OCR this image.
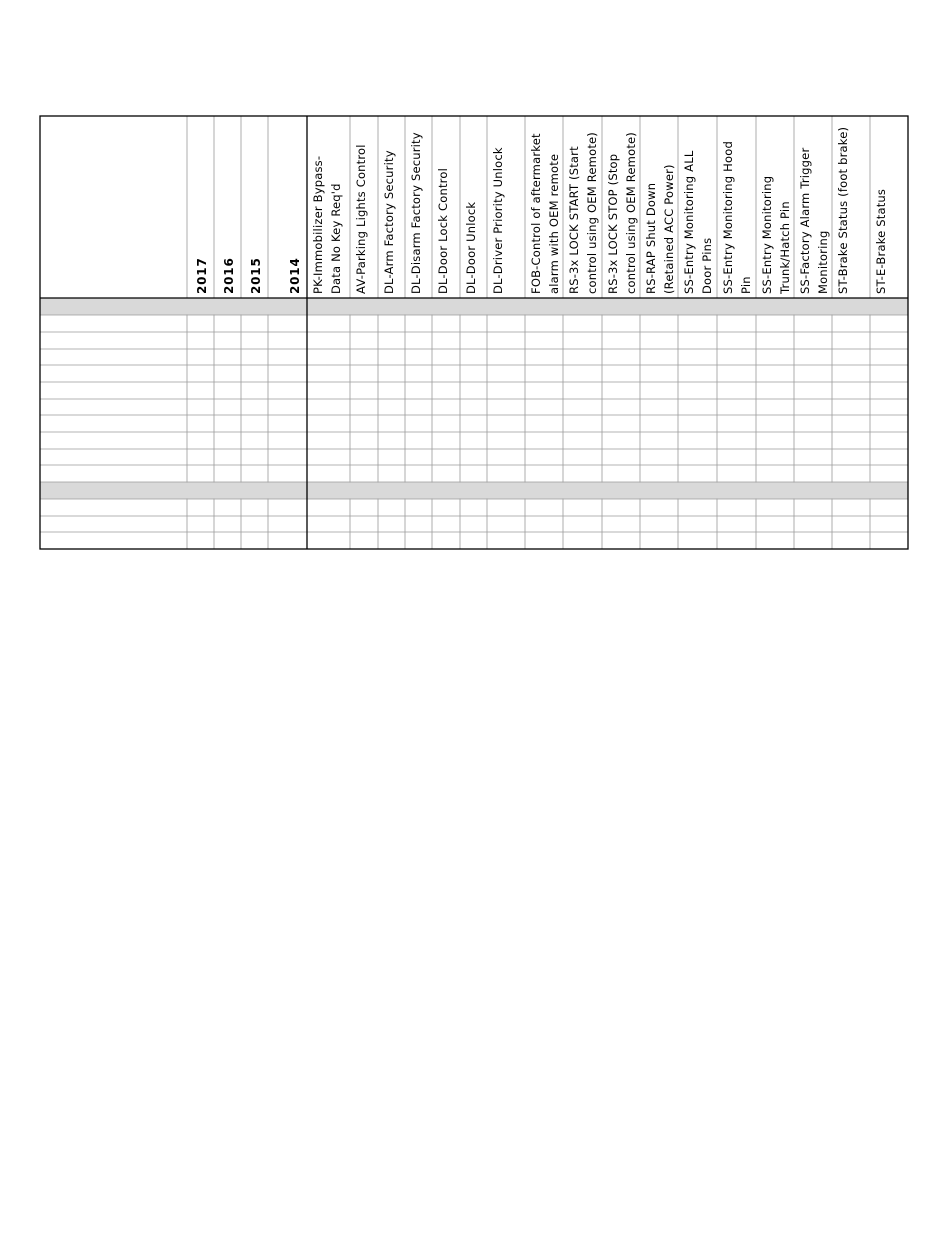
2017 2016 2015 2014 PK-Immobilizer Bypass- Data No Key Req'd AV-Parking Lights Control DL-Arm Factory Security DL-Disarm Factory Security DL-Door Lock Control DL-Door Unlock DL-Driver Priority Unlock FOB-Control of aftermarket alarm with OEM remote RS-3x LOCK START (Start control using OEM Remote) RS-3x LOCK STOP (Stop control using OEM Remote) RS-RAP Shut Down (Retained ACC Power) SS-Entry Monitoring ALL Door Pins SS-Entry Monitoring Hood Pin SS-Entry Monitoring Trunk/Hatch Pin SS-Factory Alarm Trigger Monitoring ST-Brake Status (foot brake) ST-E-Brake Status
